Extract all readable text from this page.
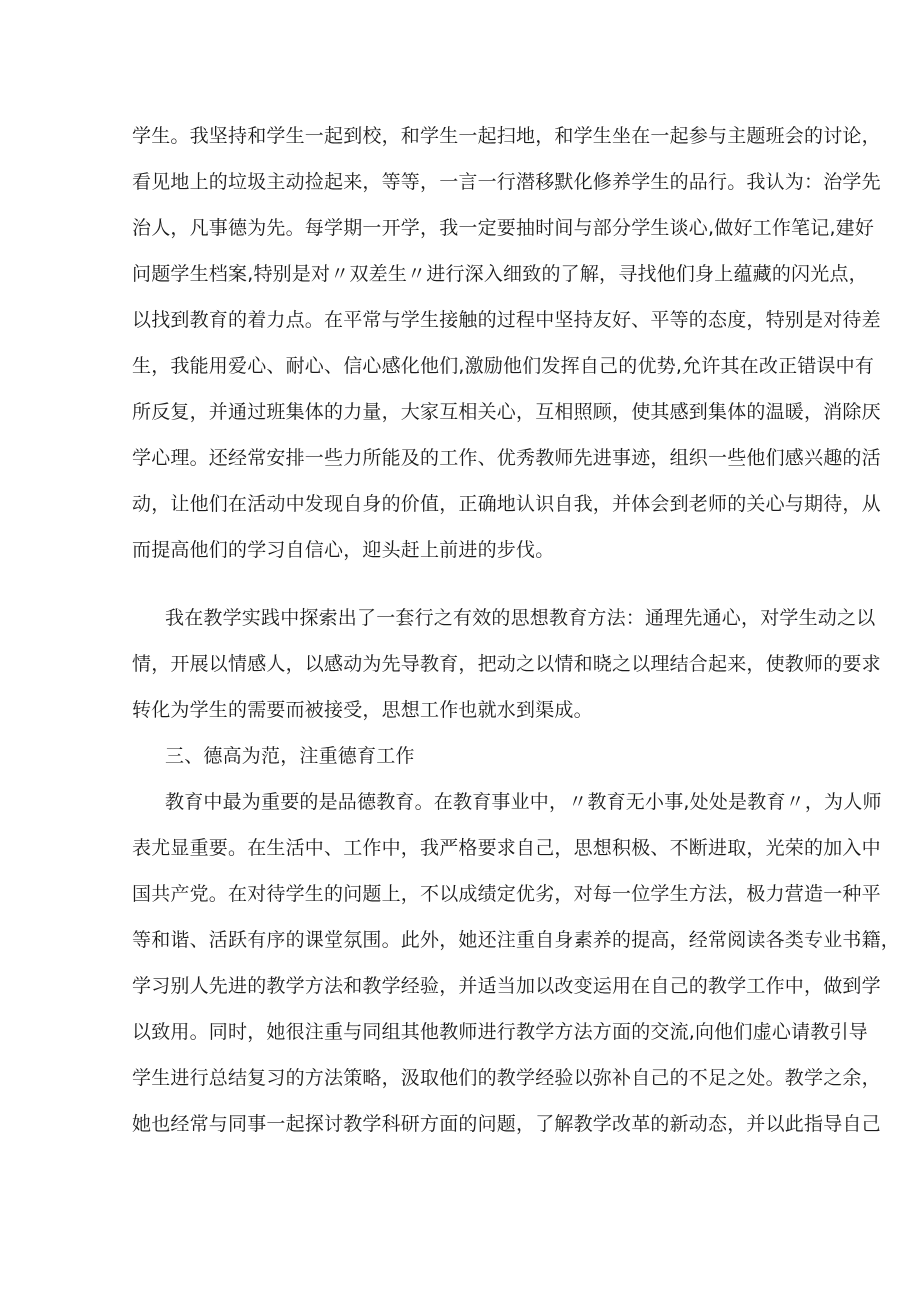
学生。我坚持和学生一起到校，和学生一起扫地，和学生坐在一起参与主题班会的讨论，
看见地上的垃圾主动捡起来，等等，一言一行潜移默化修养学生的品行。我认为：治学先
治人，凡事德为先。每学期一开学，我一定要抽时间与部分学生谈心,做好工作笔记,建好
问题学生档案,特别是对〃双差生〃进行深入细致的了解，寻找他们身上蕴藏的闪光点，
以找到教育的着力点。在平常与学生接触的过程中坚持友好、平等的态度，特别是对待差
生，我能用爱心、耐心、信心感化他们,激励他们发挥自己的优势,允许其在改正错误中有
所反复，并通过班集体的力量，大家互相关心，互相照顾，使其感到集体的温暖，消除厌
学心理。还经常安排一些力所能及的工作、优秀教师先进事迹，组织一些他们感兴趣的活
动，让他们在活动中发现自身的价值，正确地认识自我，并体会到老师的关心与期待，从
而提高他们的学习自信心，迎头赶上前进的步伐。
我在教学实践中探索出了一套行之有效的思想教育方法：通理先通心，对学生动之以
情，开展以情感人，以感动为先导教育，把动之以情和晓之以理结合起来，使教师的要求
转化为学生的需要而被接受，思想工作也就水到渠成。
三、德高为范，注重德育工作
教育中最为重要的是品德教育。在教育事业中，〃教育无小事,处处是教育〃，为人师
表尤显重要。在生活中、工作中，我严格要求自己，思想积极、不断进取，光荣的加入中
国共产党。在对待学生的问题上，不以成绩定优劣，对每一位学生方法，极力营造一种平
等和谐、活跃有序的课堂氛围。此外，她还注重自身素养的提高，经常阅读各类专业书籍，
学习别人先进的教学方法和教学经验，并适当加以改变运用在自己的教学工作中，做到学
以致用。同时，她很注重与同组其他教师进行教学方法方面的交流,向他们虚心请教引导
学生进行总结复习的方法策略，汲取他们的教学经验以弥补自己的不足之处。教学之余，
她也经常与同事一起探讨教学科研方面的问题，了解教学改革的新动态，并以此指导自己
